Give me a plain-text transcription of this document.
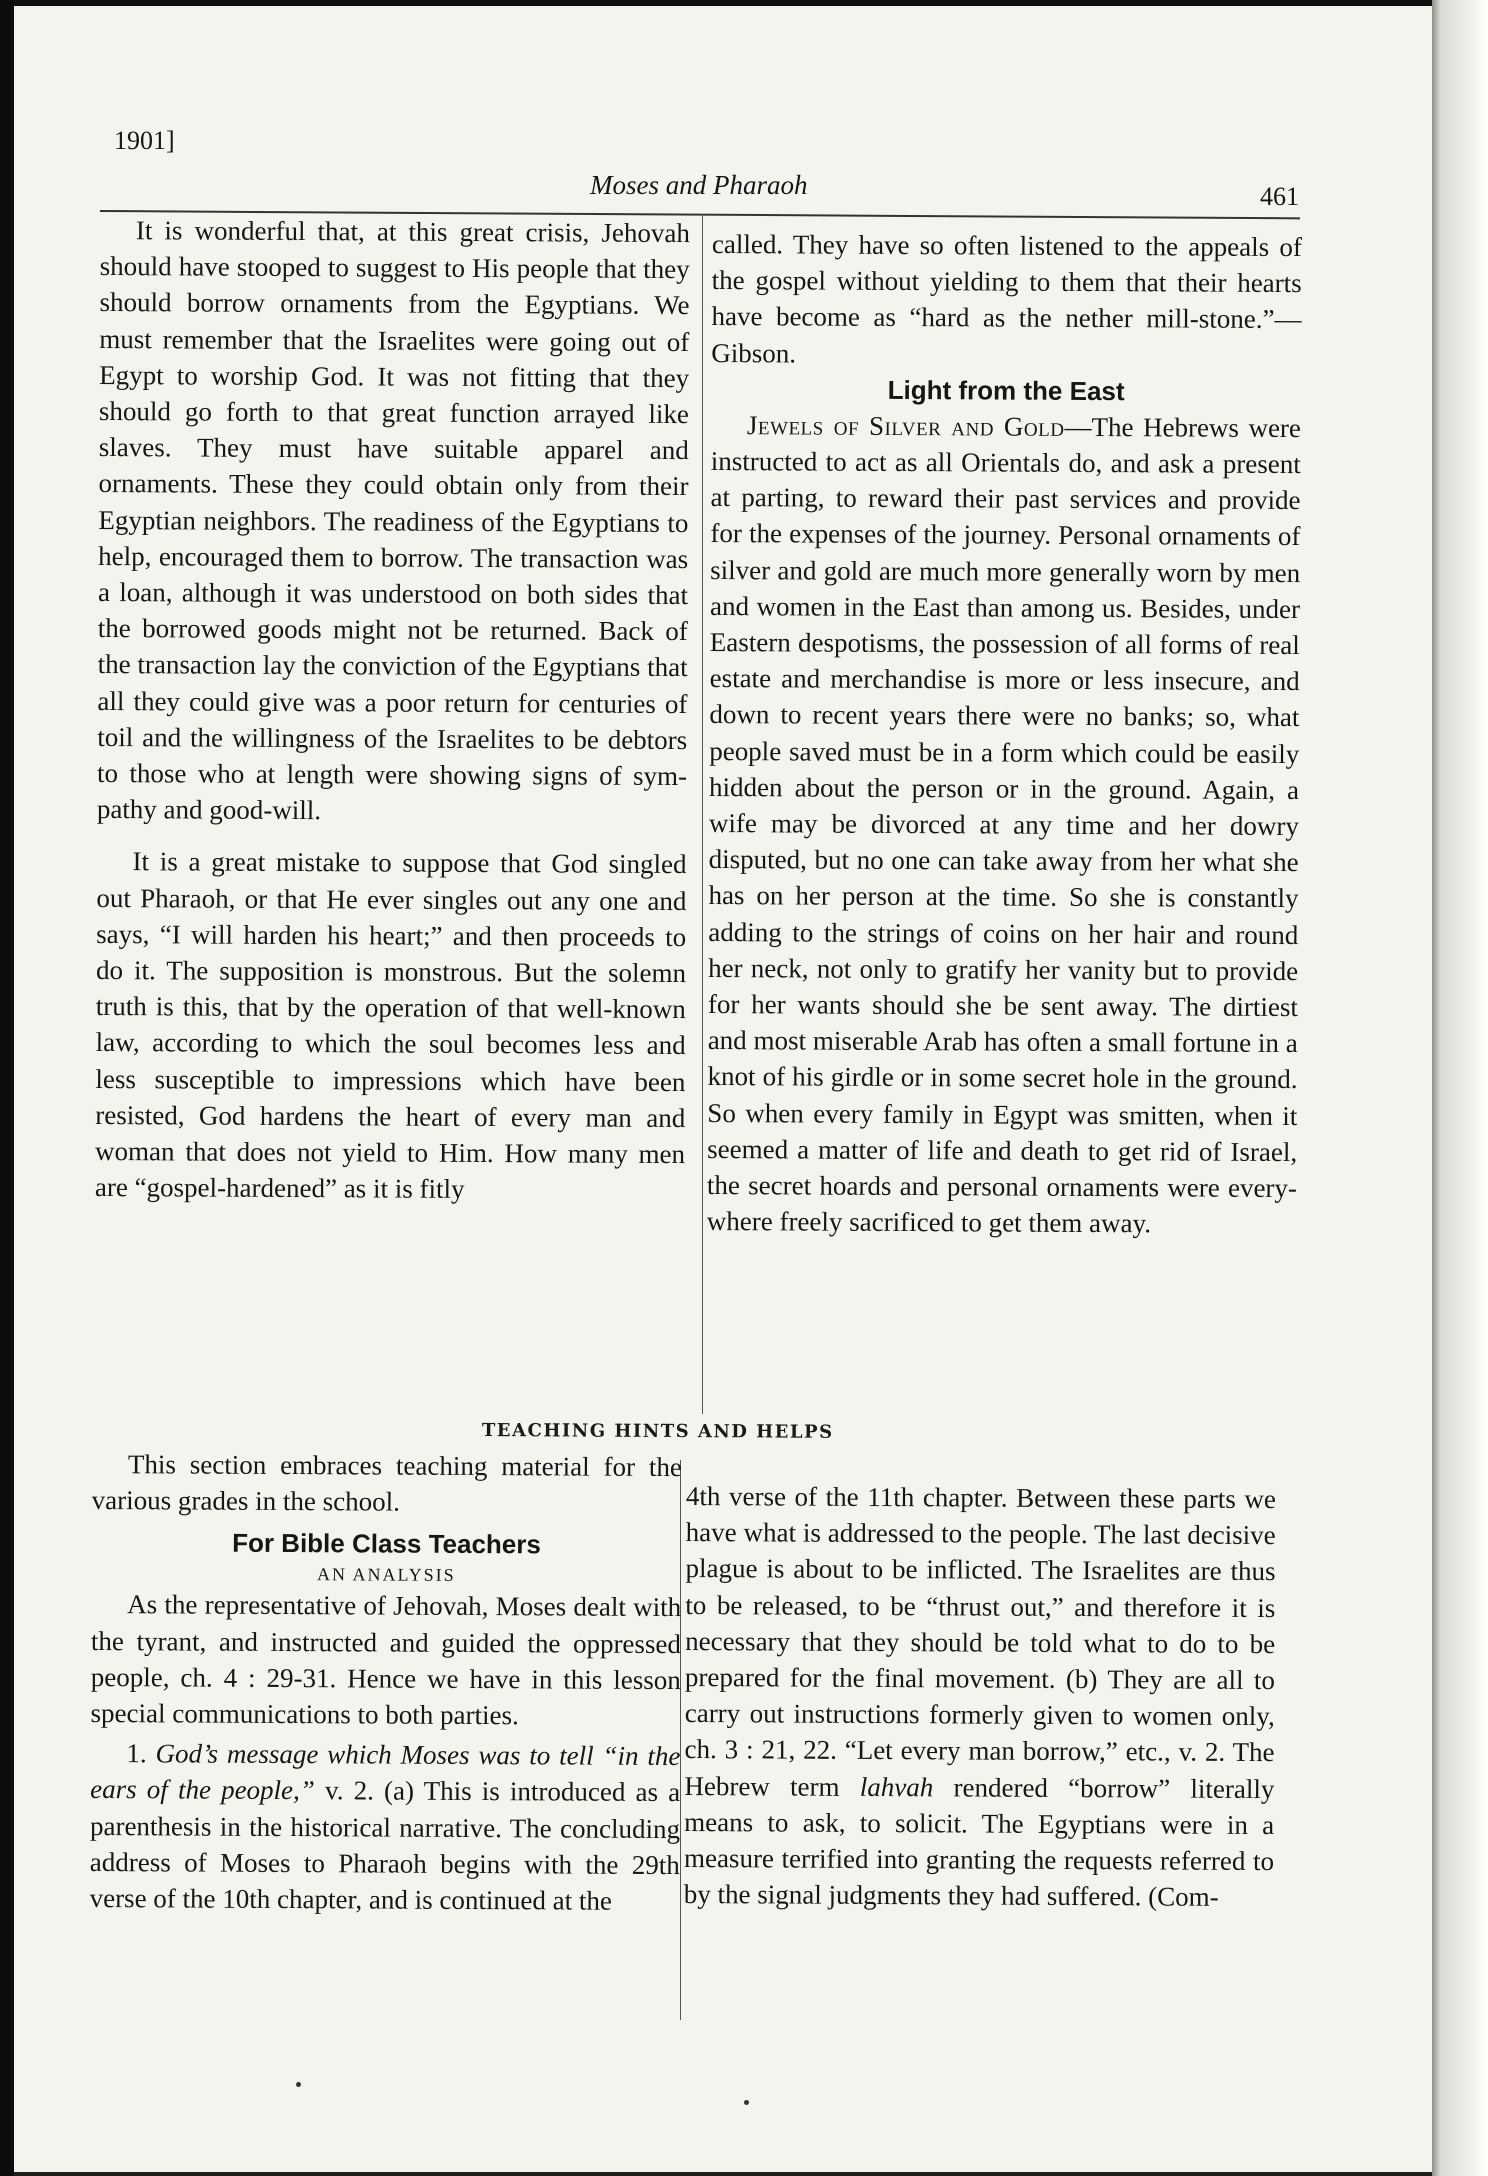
1901]
Moses and Pharaoh	461

It is wonderful that, at this great crisis, Jehovah should have stooped to suggest to His people that they should borrow ornaments from the Egyptians. We must remember that the Israelites were going out of Egypt to worship God. It was not fitting that they should go forth to that great function arrayed like slaves. They must have suitable apparel and ornaments. These they could obtain only from their Egyptian neighbors. The readiness of the Egyptians to help, encouraged them to borrow. The transaction was a loan, although it was understood on both sides that the borrowed goods might not be returned. Back of the transaction lay the conviction of the Egyptians that all they could give was a poor return for centuries of toil and the willingness of the Israelites to be debtors to those who at length were showing signs of sympathy and good-will.

It is a great mistake to suppose that God singled out Pharaoh, or that He ever singles out any one and says, “I will harden his heart;” and then proceeds to do it. The supposition is monstrous. But the solemn truth is this, that by the operation of that well-known law, according to which the soul becomes less and less susceptible to impressions which have been resisted, God hardens the heart of every man and woman that does not yield to Him. How many men are “gospel-hardened” as it is fitly

called. They have so often listened to the appeals of the gospel without yielding to them that their hearts have become as “hard as the nether mill-stone.”—Gibson.

Light from the East

Jewels of Silver and Gold—The Hebrews were instructed to act as all Orientals do, and ask a present at parting, to reward their past services and provide for the expenses of the journey. Personal ornaments of silver and gold are much more generally worn by men and women in the East than among us. Besides, under Eastern despotisms, the possession of all forms of real estate and merchandise is more or less insecure, and down to recent years there were no banks; so, what people saved must be in a form which could be easily hidden about the person or in the ground. Again, a wife may be divorced at any time and her dowry disputed, but no one can take away from her what she has on her person at the time. So she is constantly adding to the strings of coins on her hair and round her neck, not only to gratify her vanity but to provide for her wants should she be sent away. The dirtiest and most miserable Arab has often a small fortune in a knot of his girdle or in some secret hole in the ground. So when every family in Egypt was smitten, when it seemed a matter of life and death to get rid of Israel, the secret hoards and personal ornaments were everywhere freely sacrificed to get them away.

TEACHING HINTS AND HELPS

This section embraces teaching material for the various grades in the school.

For Bible Class Teachers

AN ANALYSIS

As the representative of Jehovah, Moses dealt with the tyrant, and instructed and guided the oppressed people, ch. 4 : 29-31. Hence we have in this lesson special communications to both parties.

1. God’s message which Moses was to tell “in the ears of the people,” v. 2. (a) This is introduced as a parenthesis in the historical narrative. The concluding address of Moses to Pharaoh begins with the 29th verse of the 10th chapter, and is continued at the

4th verse of the 11th chapter. Between these parts we have what is addressed to the people. The last decisive plague is about to be inflicted. The Israelites are thus to be released, to be “thrust out,” and therefore it is necessary that they should be told what to do to be prepared for the final movement. (b) They are all to carry out instructions formerly given to women only, ch. 3 : 21, 22. “Let every man borrow,” etc., v. 2. The Hebrew term lahvah rendered “borrow” literally means to ask, to solicit. The Egyptians were in a measure terrified into granting the requests referred to by the signal judgments they had suffered. (Com-
